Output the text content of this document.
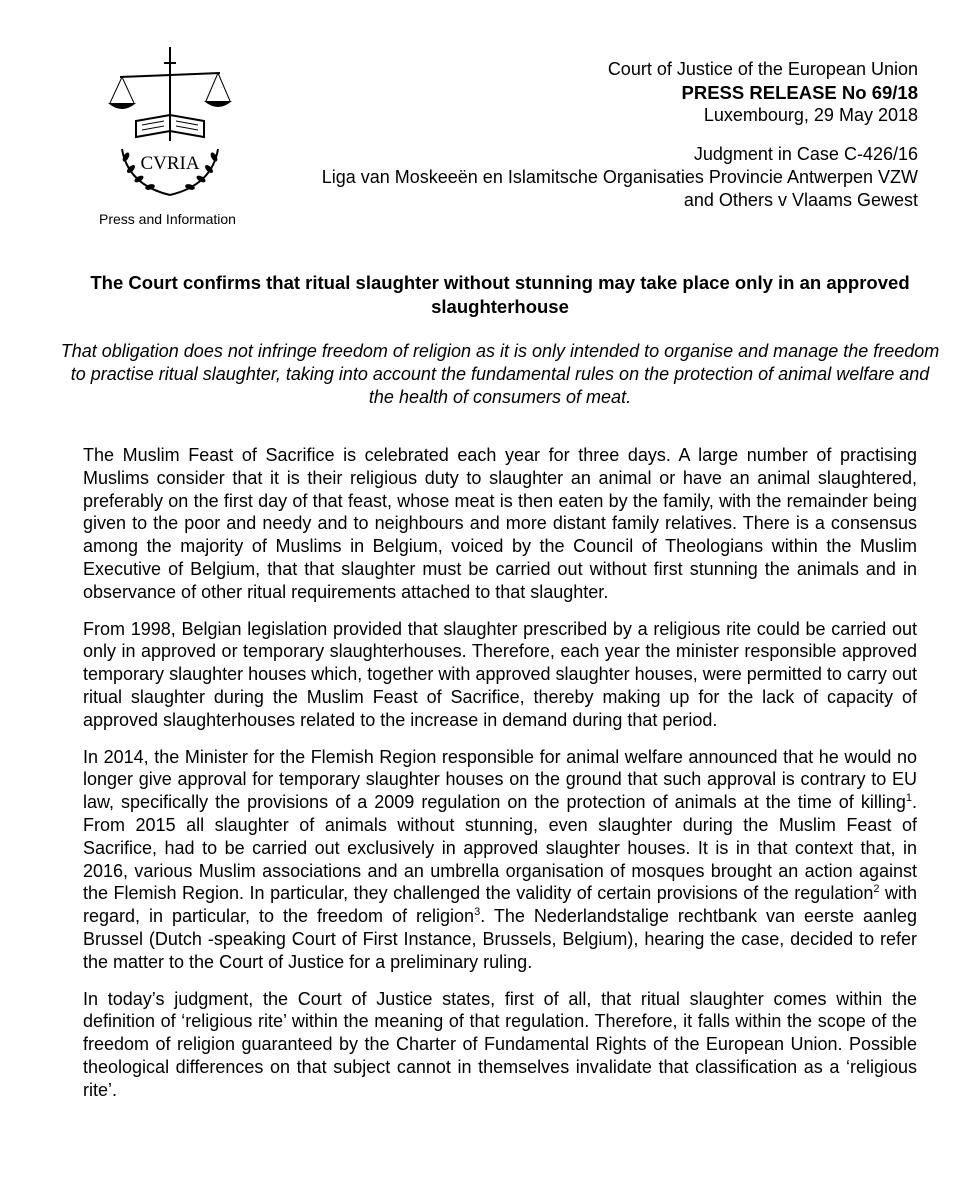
CVRIA
Press and Information

Court of Justice of the European Union

PRESS RELEASE No 69/18

Luxembourg, 29 May 2018

Judgment in Case C-426/16

Liga van Moskeeën en Islamitsche Organisaties Provincie Antwerpen VZW

and Others v Vlaams Gewest

The Court confirms that ritual slaughter without stunning may take place only in an approved slaughterhouse

That obligation does not infringe freedom of religion as it is only intended to organise and manage the freedom to practise ritual slaughter, taking into account the fundamental rules on the protection of animal welfare and the health of consumers of meat.

The Muslim Feast of Sacrifice is celebrated each year for three days. A large number of practising Muslims consider that it is their religious duty to slaughter an animal or have an animal slaughtered, preferably on the first day of that feast, whose meat is then eaten by the family, with the remainder being given to the poor and needy and to neighbours and more distant family relatives. There is a consensus among the majority of Muslims in Belgium, voiced by the Council of Theologians within the Muslim Executive of Belgium, that that slaughter must be carried out without first stunning the animals and in observance of other ritual requirements attached to that slaughter.

From 1998, Belgian legislation provided that slaughter prescribed by a religious rite could be carried out only in approved or temporary slaughterhouses. Therefore, each year the minister responsible approved temporary slaughter houses which, together with approved slaughter houses, were permitted to carry out ritual slaughter during the Muslim Feast of Sacrifice, thereby making up for the lack of capacity of approved slaughterhouses related to the increase in demand during that period.

In 2014, the Minister for the Flemish Region responsible for animal welfare announced that he would no longer give approval for temporary slaughter houses on the ground that such approval is contrary to EU law, specifically the provisions of a 2009 regulation on the protection of animals at the time of killing$^1$. From 2015 all slaughter of animals without stunning, even slaughter during the Muslim Feast of Sacrifice, had to be carried out exclusively in approved slaughter houses. It is in that context that, in 2016, various Muslim associations and an umbrella organisation of mosques brought an action against the Flemish Region. In particular, they challenged the validity of certain provisions of the regulation$^2$ with regard, in particular, to the freedom of religion$^3$. The Nederlandstalige rechtbank van eerste aanleg Brussel (Dutch -speaking Court of First Instance, Brussels, Belgium), hearing the case, decided to refer the matter to the Court of Justice for a preliminary ruling.

In today’s judgment, the Court of Justice states, first of all, that ritual slaughter comes within the definition of ‘religious rite’ within the meaning of that regulation. Therefore, it falls within the scope of the freedom of religion guaranteed by the Charter of Fundamental Rights of the European Union. Possible theological differences on that subject cannot in themselves invalidate that classification as a ‘religious rite’.
